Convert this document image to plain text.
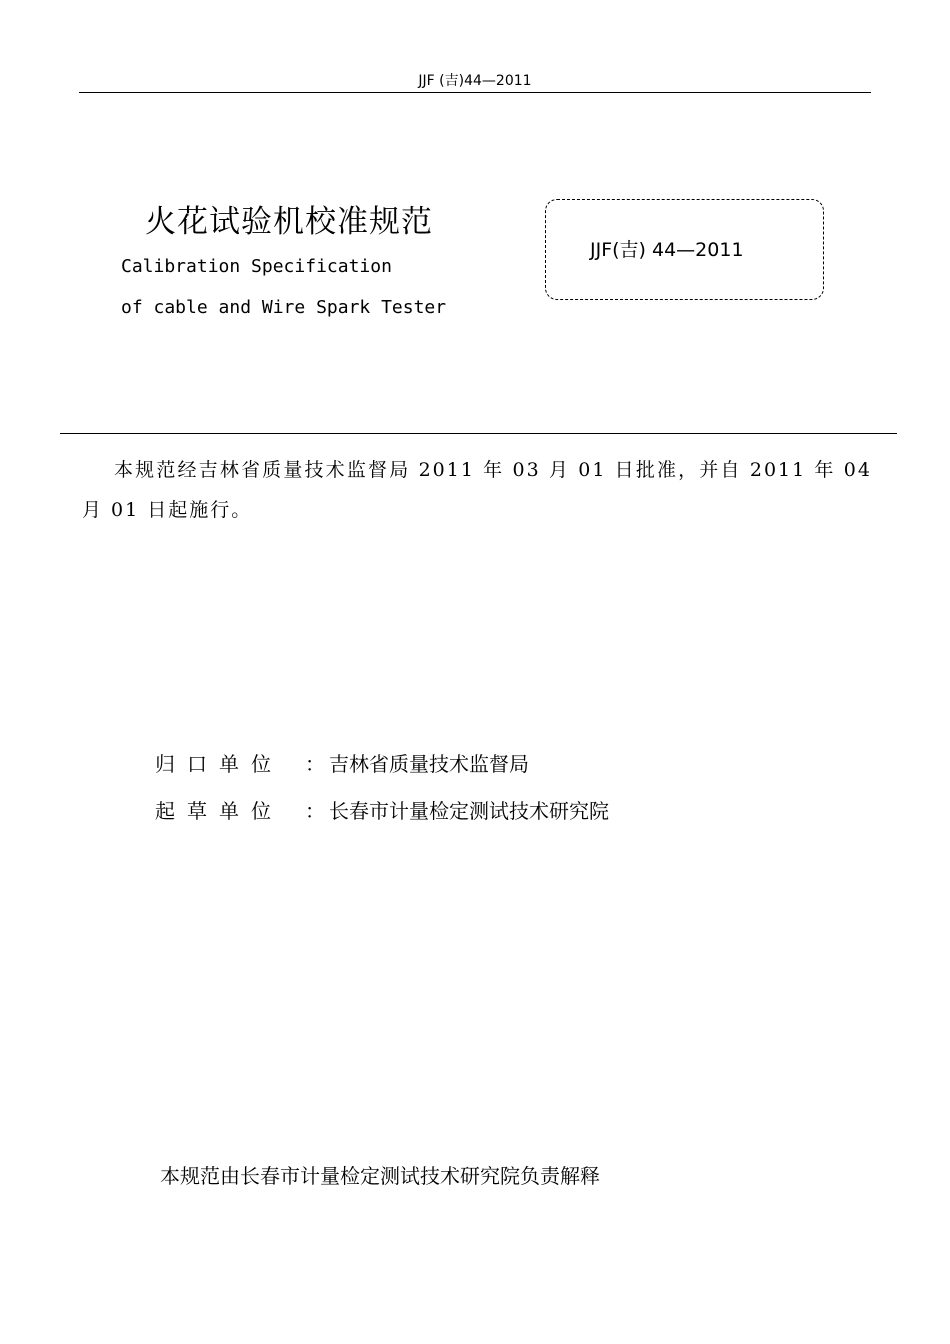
JJF (吉)44—2011
火花试验机校准规范
Calibration Specification
of cable and Wire Spark Tester
JJF(吉) 44—2011
本规范经吉林省质量技术监督局 2011 年 03 月 01 日批准，并自 2011 年 04 月 01 日起施行。
归口单位	： 吉林省质量技术监督局
起草单位	： 长春市计量检定测试技术研究院
本规范由长春市计量检定测试技术研究院负责解释
